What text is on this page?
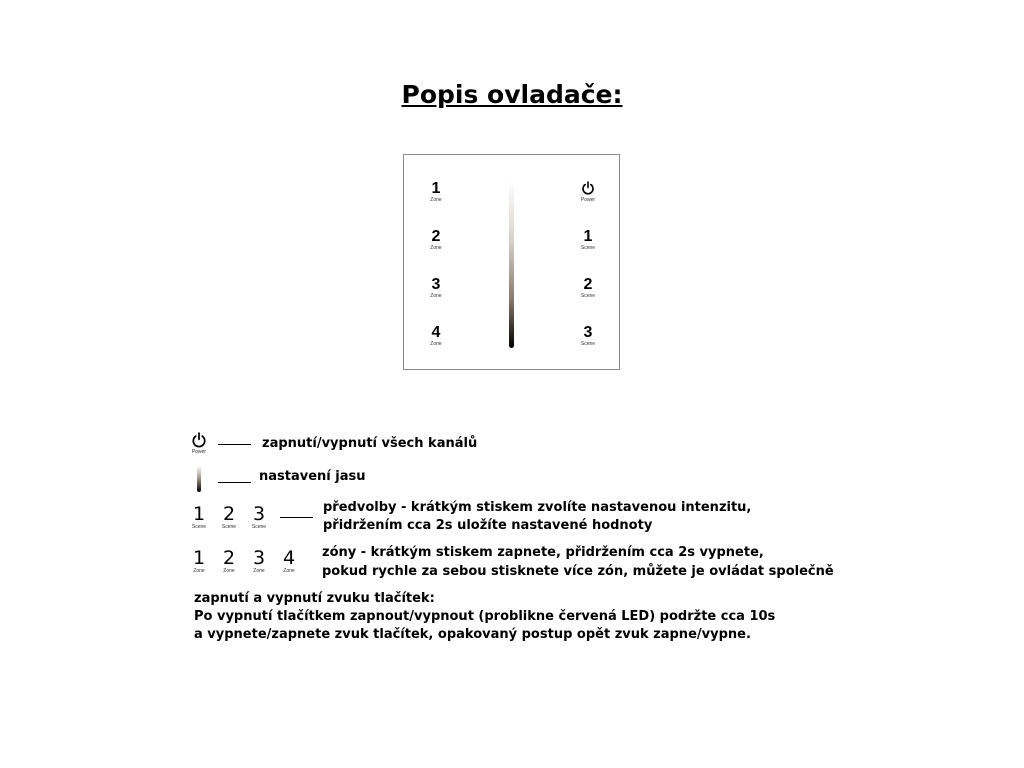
Popis ovladače:
1
Zone
2
Zone
3
Zone
4
Zone
Power
1
Scene
2
Scene
3
Scene
Power
zapnutí/vypnutí všech kanálů
nastavení jasu
1
Scene
2
Scene
3
Scene
předvolby - krátkým stiskem zvolíte nastavenou intenzitu,
přidržením cca 2s uložíte nastavené hodnoty
1
Zone
2
Zone
3
Zone
4
Zone
zóny - krátkým stiskem zapnete, přidržením cca 2s vypnete,
pokud rychle za sebou stisknete více zón, můžete je ovládat společně
zapnutí a vypnutí zvuku tlačítek:
Po vypnutí tlačítkem zapnout/vypnout (problikne červená LED) podržte cca 10s
a vypnete/zapnete zvuk tlačítek, opakovaný postup opět zvuk zapne/vypne.
